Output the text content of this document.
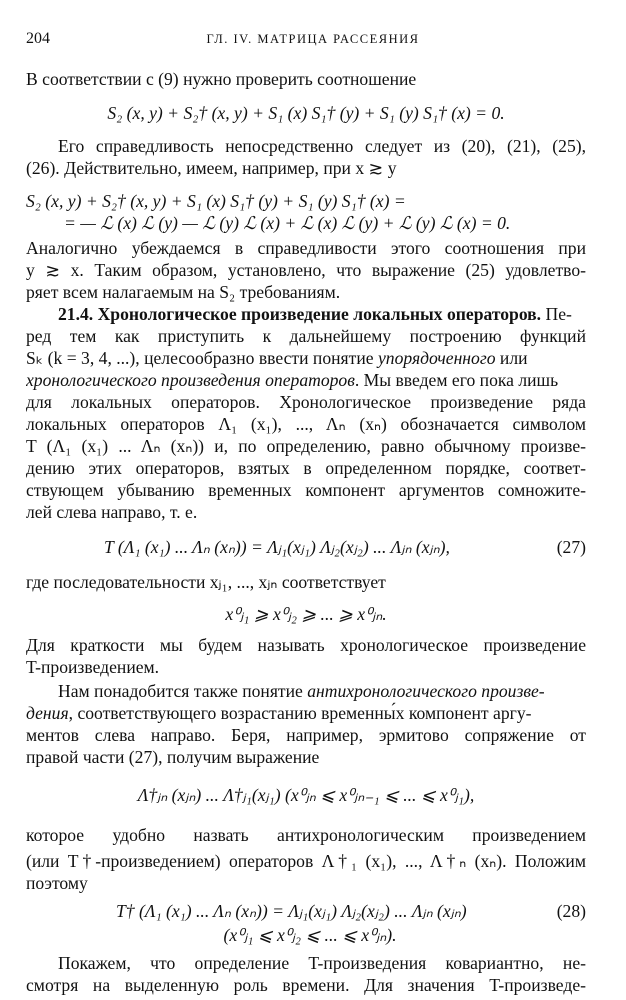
204	ГЛ. IV. МАТРИЦА РАССЕЯНИЯ
В соответствии с (9) нужно проверить соотношение
S₂ (x, y) + S₂† (x, y) + S₁ (x) S₁† (y) + S₁ (y) S₁† (x) = 0.
Его справедливость непосредственно следует из (20), (21), (25),
(26). Действительно, имеем, например, при x ≳ y
S₂ (x, y) + S₂† (x, y) + S₁ (x) S₁† (y) + S₁ (y) S₁† (x) =
= — ℒ (x) ℒ (y) — ℒ (y) ℒ (x) + ℒ (x) ℒ (y) + ℒ (y) ℒ (x) = 0.
Аналогично убеждаемся в справедливости этого соотношения при
y ≳ x. Таким образом, установлено, что выражение (25) удовлетво-
ряет всем налагаемым на S₂ требованиям.
21.4. Хронологическое произведение локальных операторов. Пе-
ред тем как приступить к дальнейшему построению функций
Sₖ (k = 3, 4, ...), целесообразно ввести понятие упорядоченного или
хронологического произведения операторов. Мы введем его пока лишь
для локальных операторов. Хронологическое произведение ряда
локальных операторов Λ₁ (x₁), ..., Λₙ (xₙ) обозначается символом
T (Λ₁ (x₁) ... Λₙ (xₙ)) и, по определению, равно обычному произве-
дению этих операторов, взятых в определенном порядке, соответ-
ствующем убыванию временных компонент аргументов сомножите-
лей слева направо, т. е.
T (Λ₁ (x₁) ... Λₙ (xₙ)) = Λⱼ₁(xⱼ₁) Λⱼ₂(xⱼ₂) ... Λⱼₙ (xⱼₙ),	(27)
где последовательности xⱼ₁, ..., xⱼₙ соответствует
x⁰ⱼ₁ ⩾ x⁰ⱼ₂ ⩾ ... ⩾ x⁰ⱼₙ.
Для краткости мы будем называть хронологическое произведение
T-произведением.
Нам понадобится также понятие антихронологического произве-
дения, соответствующего возрастанию временны́х компонент аргу-
ментов слева направо. Беря, например, эрмитово сопряжение от
правой части (27), получим выражение
Λ†ⱼₙ (xⱼₙ) ... Λ†ⱼ₁(xⱼ₁) (x⁰ⱼₙ ⩽ x⁰ⱼₙ₋₁ ⩽ ... ⩽ x⁰ⱼ₁),
которое удобно назвать антихронологическим произведением
(или T†-произведением) операторов Λ†₁ (x₁), ..., Λ†ₙ (xₙ). Положим
поэтому
T† (Λ₁ (x₁) ... Λₙ (xₙ)) = Λⱼ₁(xⱼ₁) Λⱼ₂(xⱼ₂) ... Λⱼₙ (xⱼₙ)	(28)
(x⁰ⱼ₁ ⩽ x⁰ⱼ₂ ⩽ ... ⩽ x⁰ⱼₙ).
Покажем, что определение T-произведения ковариантно, не-
смотря на выделенную роль времени. Для значения T-произведе-
